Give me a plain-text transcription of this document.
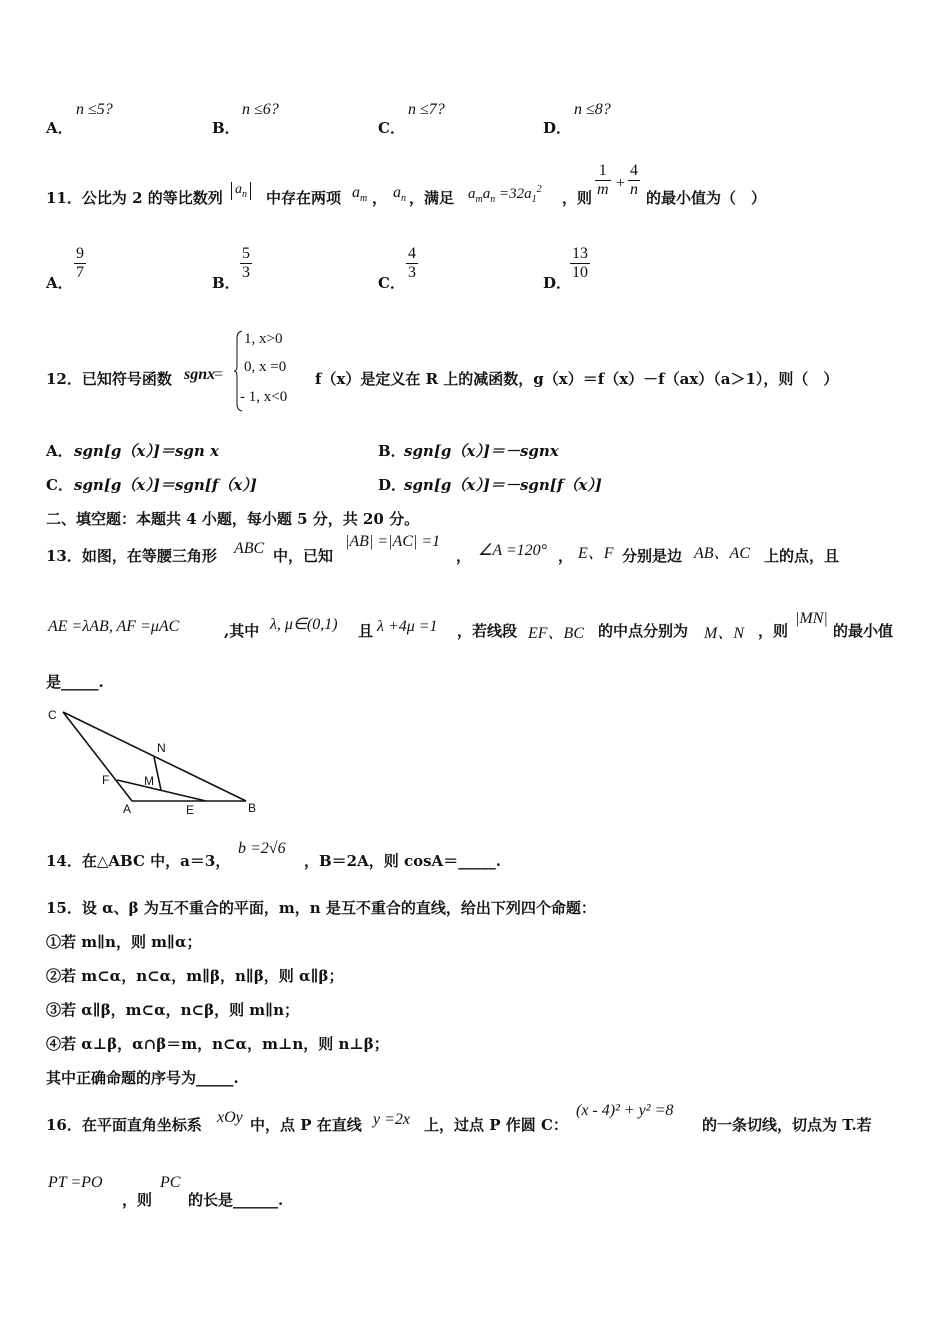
A．
n ≤5?
B．
n ≤6?
C．
n ≤7?
D．
n ≤8?
11．公比为 2 的等比数列 $a_n$ 中存在两项 $a_m$ ， $a_n$ ，满足 $a_ma_n =32a_1^2$ ，则 $\frac{1}{m} + \frac{4}{n}$ 的最小值为（　）
A．
$\frac{9}{7}$
B．
$\frac{5}{3}$
C．
$\frac{4}{3}$
D．
$\frac{13}{10}$
12．已知符号函数 sgnx
=
1, x>0
0, x =0
- 1, x<0
f（x）是定义在 R 上的减函数，g（x）＝f（x）－f（ax）（a＞1），则（　）
A． sgn[g（x）]＝sgn x	B．
sgn[g（x）]＝－sgnx
C． sgn[g（x）]＝sgn[f（x）]	D．
sgn[g（x）]＝－sgn[f（x）]
二、填空题：本题共 4 小题，每小题 5 分，共 20 分。
13．如图，在等腰三角形 ABC 中，已知
|AB| =|AC| =1
， ∠A =120° ， E、F 分别是边 AB、AC 上的点，且
AE =λAB, AF =μAC	,其中 λ, μ∈(0,1) 且 λ +4μ =1 ，若线段 EF、BC 的中点分别为 M、N ，则
|MN|
的最小值
是_____.
C
N
F	M
A	E	B
14．在△ABC 中，a＝3，
b =2√6
，B＝2A，则 cosA＝_____.
15．设 α、β 为互不重合的平面，m，n 是互不重合的直线，给出下列四个命题：
①若 m∥n，则 m∥α；
②若 m⊂α，n⊂α，m∥β，n∥β，则 α∥β；
③若 α∥β，m⊂α，n⊂β，则 m∥n；
④若 α⊥β，α∩β＝m，n⊂α，m⊥n，则 n⊥β；
其中正确命题的序号为_____.
16．在平面直角坐标系 xOy 中，点 P 在直线 y =2x 上，过点 P 作圆 C：
(x - 4)² + y² =8
的一条切线，切点为 T.若
PT =PO
，则
PC
的长是______.
